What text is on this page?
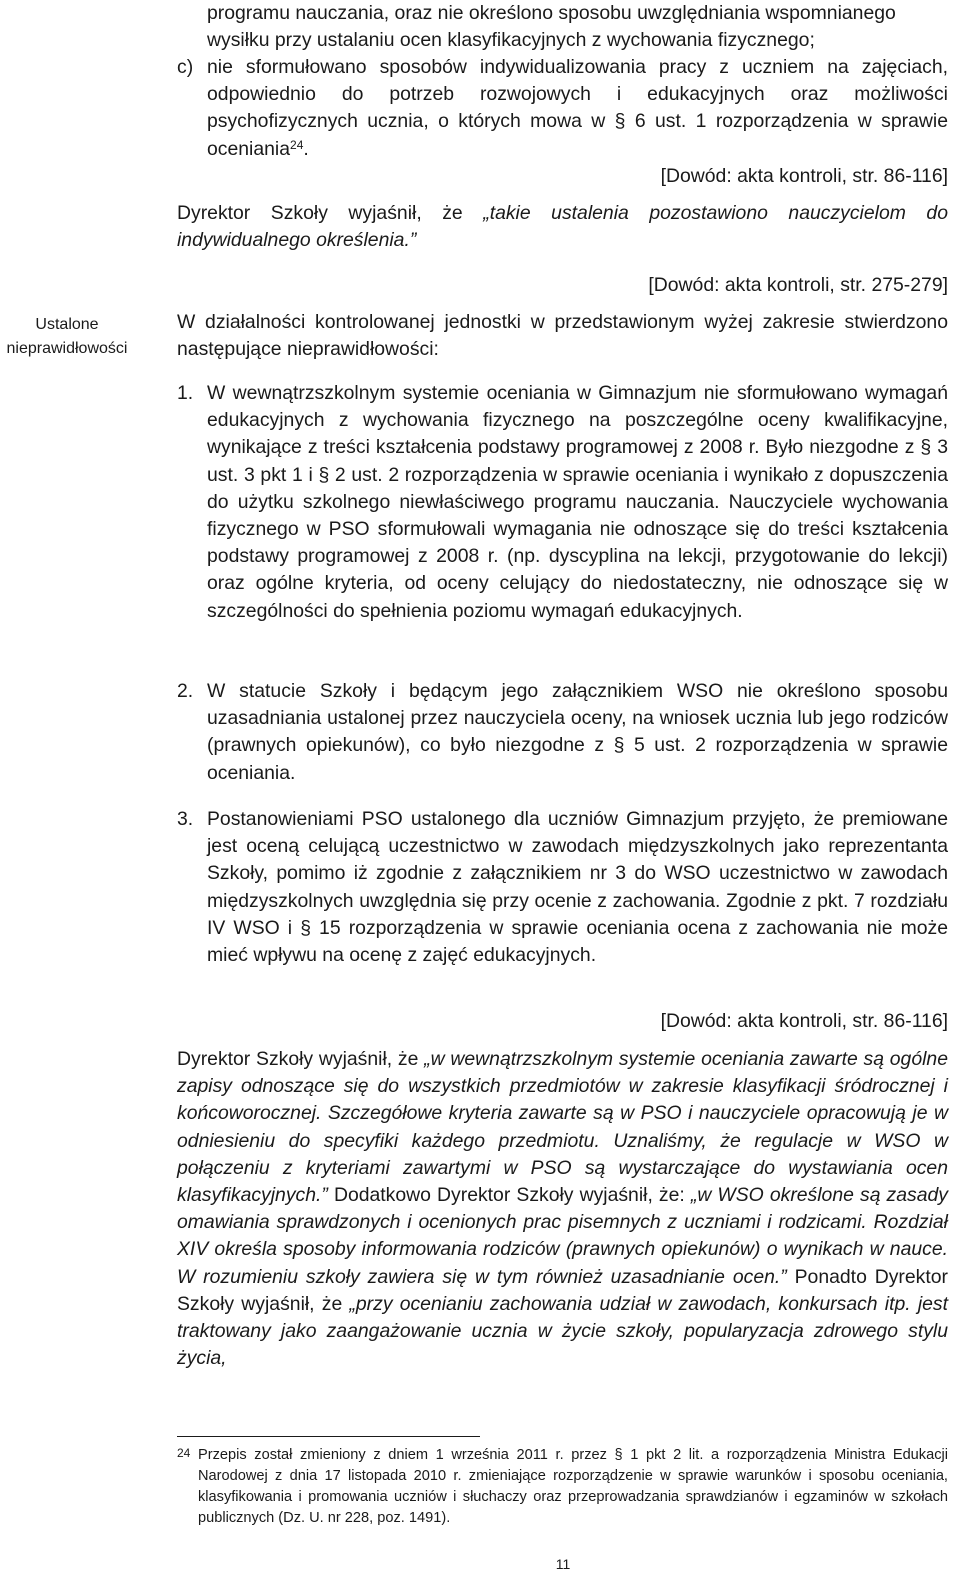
Ustalone nieprawidłowości
programu nauczania, oraz nie określono sposobu uwzględniania wspomnianego
wysiłku przy ustalaniu ocen klasyfikacyjnych z wychowania fizycznego;
c) nie sformułowano sposobów indywidualizowania pracy z uczniem na zajęciach, odpowiednio do potrzeb rozwojowych i edukacyjnych oraz możliwości psychofizycznych ucznia, o których mowa w § 6 ust. 1 rozporządzenia w sprawie oceniania$^{24}$.
[Dowód: akta kontroli, str. 86-116]
Dyrektor Szkoły wyjaśnił, że „takie ustalenia pozostawiono nauczycielom do indywidualnego określenia.”
[Dowód: akta kontroli, str. 275-279]
W działalności kontrolowanej jednostki w przedstawionym wyżej zakresie stwierdzono następujące nieprawidłowości:
1. W wewnątrzszkolnym systemie oceniania w Gimnazjum nie sformułowano wymagań edukacyjnych z wychowania fizycznego na poszczególne oceny kwalifikacyjne, wynikające z treści kształcenia podstawy programowej z 2008 r. Było niezgodne z § 3 ust. 3 pkt 1 i § 2 ust. 2 rozporządzenia w sprawie oceniania i wynikało z dopuszczenia do użytku szkolnego niewłaściwego programu nauczania. Nauczyciele wychowania fizycznego w PSO sformułowali wymagania nie odnoszące się do treści kształcenia podstawy programowej z 2008 r. (np. dyscyplina na lekcji, przygotowanie do lekcji) oraz ogólne kryteria, od oceny celujący do niedostateczny, nie odnoszące się w szczególności do spełnienia poziomu wymagań edukacyjnych.
2. W statucie Szkoły i będącym jego załącznikiem WSO nie określono sposobu uzasadniania ustalonej przez nauczyciela oceny, na wniosek ucznia lub jego rodziców (prawnych opiekunów), co było niezgodne z § 5 ust. 2 rozporządzenia w sprawie oceniania.
3. Postanowieniami PSO ustalonego dla uczniów Gimnazjum przyjęto, że premiowane jest oceną celującą uczestnictwo w zawodach międzyszkolnych jako reprezentanta Szkoły, pomimo iż zgodnie z załącznikiem nr 3 do WSO uczestnictwo w zawodach międzyszkolnych uwzględnia się przy ocenie z zachowania. Zgodnie z pkt. 7 rozdziału IV WSO i § 15 rozporządzenia w sprawie oceniania ocena z zachowania nie może mieć wpływu na ocenę z zajęć edukacyjnych.
[Dowód: akta kontroli, str. 86-116]
Dyrektor Szkoły wyjaśnił, że „w wewnątrzszkolnym systemie oceniania zawarte są ogólne zapisy odnoszące się do wszystkich przedmiotów w zakresie klasyfikacji śródrocznej i końcoworocznej. Szczegółowe kryteria zawarte są w PSO i nauczyciele opracowują je w odniesieniu do specyfiki każdego przedmiotu. Uznaliśmy, że regulacje w WSO w połączeniu z kryteriami zawartymi w PSO są wystarczające do wystawiania ocen klasyfikacyjnych.” Dodatkowo Dyrektor Szkoły wyjaśnił, że: „w WSO określone są zasady omawiania sprawdzonych i ocenionych prac pisemnych z uczniami i rodzicami. Rozdział XIV określa sposoby informowania rodziców (prawnych opiekunów) o wynikach w nauce. W rozumieniu szkoły zawiera się w tym również uzasadnianie ocen.” Ponadto Dyrektor Szkoły wyjaśnił, że „przy ocenianiu zachowania udział w zawodach, konkursach itp. jest traktowany jako zaangażowanie ucznia w życie szkoły, popularyzacja zdrowego stylu życia,
24 Przepis został zmieniony z dniem 1 września 2011 r. przez § 1 pkt 2 lit. a rozporządzenia Ministra Edukacji Narodowej z dnia 17 listopada 2010 r. zmieniające rozporządzenie w sprawie warunków i sposobu oceniania, klasyfikowania i promowania uczniów i słuchaczy oraz przeprowadzania sprawdzianów i egzaminów w szkołach publicznych (Dz. U. nr 228, poz. 1491).
11
